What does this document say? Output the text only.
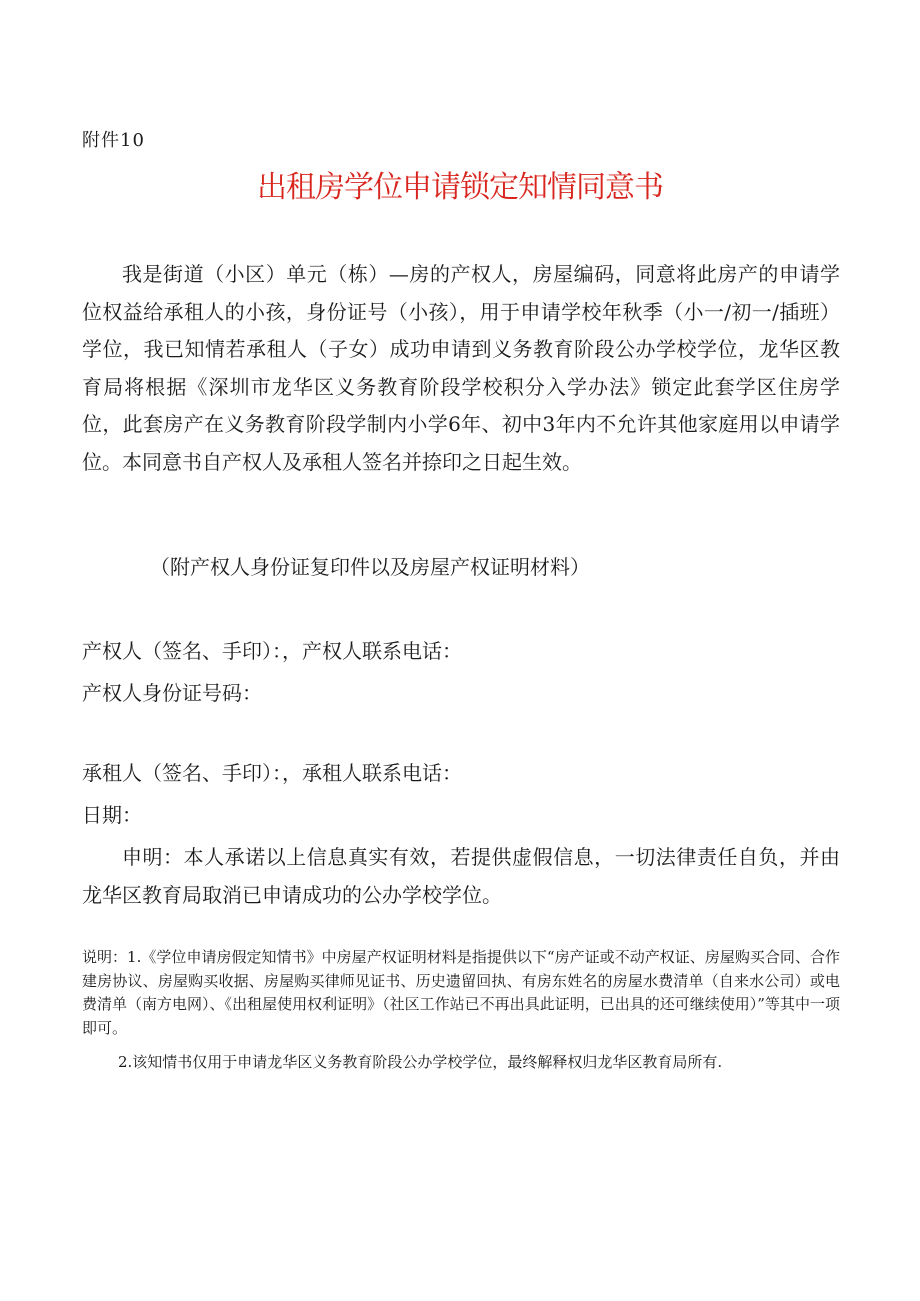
附件10
出租房学位申请锁定知情同意书

我是街道（小区）单元（栋）—房的产权人，房屋编码，同意将此房产的申请学位权益给承租人的小孩，身份证号（小孩），用于申请学校年秋季（小一/初一/插班）学位，我已知情若承租人（子女）成功申请到义务教育阶段公办学校学位，龙华区教育局将根据《深圳市龙华区义务教育阶段学校积分入学办法》锁定此套学区住房学位，此套房产在义务教育阶段学制内小学6年、初中3年内不允许其他家庭用以申请学位。本同意书自产权人及承租人签名并捺印之日起生效。

（附产权人身份证复印件以及房屋产权证明材料）

产权人（签名、手印）：，产权人联系电话：

产权人身份证号码：

承租人（签名、手印）：，承租人联系电话：

日期：

申明：本人承诺以上信息真实有效，若提供虚假信息，一切法律责任自负，并由龙华区教育局取消已申请成功的公办学校学位。

说明：1.《学位申请房假定知情书》中房屋产权证明材料是指提供以下“房产证或不动产权证、房屋购买合同、合作建房协议、房屋购买收据、房屋购买律师见证书、历史遗留回执、有房东姓名的房屋水费清单（自来水公司）或电费清单（南方电网）、《出租屋使用权利证明》（社区工作站已不再出具此证明，已出具的还可继续使用）”等其中一项即可。

2.该知情书仅用于申请龙华区义务教育阶段公办学校学位，最终解释权归龙华区教育局所有.
